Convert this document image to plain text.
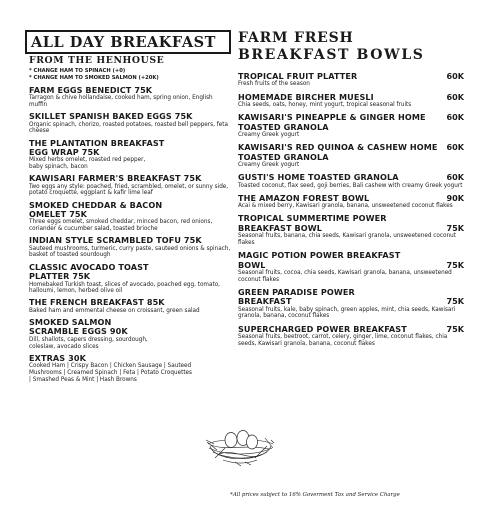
ALL DAY BREAKFAST
FROM THE HENHOUSE
* CHANGE HAM TO SPINACH (+0)
* CHANGE HAM TO SMOKED SALMON (+20K)
FARM EGGS BENEDICT 75K
Tarragon & chive hollandaise, cooked ham, spring onion, English muffin
SKILLET SPANISH BAKED EGGS 75K
Organic spinach, chorizo, roasted potatoes, roasted bell peppers, feta cheese
THE PLANTATION BREAKFAST EGG WRAP 75K
Mixed herbs omelet, roasted red pepper, baby spinach, bacon
KAWISARI FARMER'S BREAKFAST 75K
Two eggs any style: poached, fried, scrambled, omelet, or sunny side, potato croquette, eggplant & kafir lime leaf
SMOKED CHEDDAR & BACON OMELET 75K
Three eggs omelet, smoked cheddar, minced bacon, red onions, coriander & cucumber salad, toasted brioche
INDIAN STYLE SCRAMBLED TOFU 75K
Sauteed mushrooms, turmeric, curry paste, sauteed onions & spinach, basket of toasted sourdough
CLASSIC AVOCADO TOAST PLATTER 75K
Homebaked Turkish toast, slices of avocado, poached egg, tomato, halloumi, lemon, herbed olive oil
THE FRENCH BREAKFAST 85K
Baked ham and emmental cheese on croissant, green salad
SMOKED SALMON SCRAMBLE EGGS 90K
Dill, shallots, capers dressing, sourdough, coleslaw, avocado slices
EXTRAS 30K
Cooked Ham | Crispy Bacon | Chicken Sausage | Sauteed Mushrooms | Creamed Spinach | Feta | Potato Croquettes | Smashed Peas & Mint | Hash Browns
FARM FRESH
BREAKFAST BOWLS
TROPICAL FRUIT PLATTER	60K
Fresh fruits of the season
HOMEMADE BIRCHER MUESLI	60K
Chia seeds, oats, honey, mint yogurt, tropical seasonal fruits
KAWISARI'S PINEAPPLE & GINGER HOME TOASTED GRANOLA
60K
Creamy Greek yogurt
KAWISARI'S RED QUINOA & CASHEW HOME TOASTED GRANOLA
60K
Creamy Greek yogurt
GUSTI'S HOME TOASTED GRANOLA	60K
Toasted coconut, flax seed, goji berries, Bali cashew with creamy Greek yogurt
THE AMAZON FOREST BOWL	90K
Acai & mixed berry, Kawisari granola, banana, unsweetened coconut flakes
TROPICAL SUMMERTIME POWER BREAKFAST BOWL	75K
Seasonal fruits, banana, chia seeds, Kawisari granola, unsweetened coconut flakes
MAGIC POTION POWER BREAKFAST BOWL	75K
Seasonal fruits, cocoa, chia seeds, Kawisari granola, banana, unsweetened coconut flakes
GREEN PARADISE POWER BREAKFAST	75K
Seasonal fruits, kale, baby spinach, green apples, mint, chia seeds, Kawisari granola, banana, coconut flakes
SUPERCHARGED POWER BREAKFAST	75K
Seasonal fruits, beetroot, carrot, celery, ginger, lime, coconut flakes, chia seeds, Kawisari granola, banana, coconut flakes
*All prices subject to 16% Goverment Tax and Service Charge
